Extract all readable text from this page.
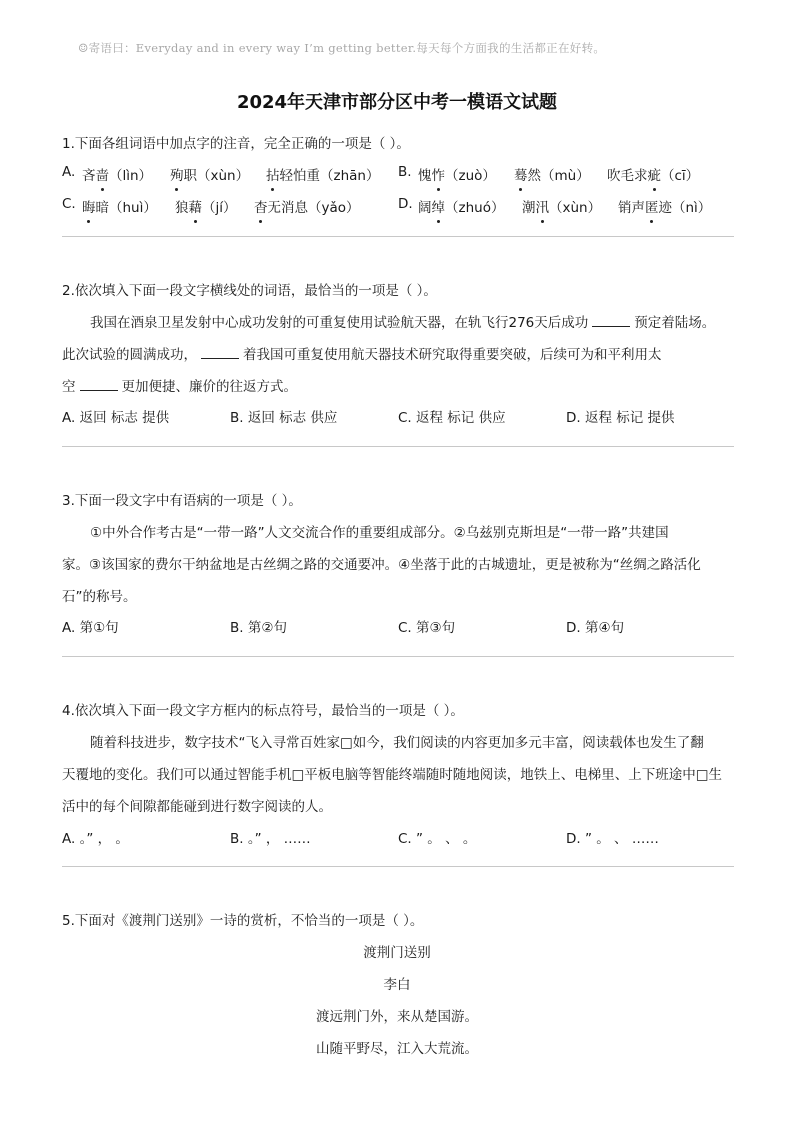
☺寄语曰：Everyday and in every way I’m getting better.每天每个方面我的生活都正在好转。
2024年天津市部分区中考一模语文试题
1.下面各组词语中加点字的注音，完全正确的一项是（ ）。
A. 吝啬（lìn） 殉职（xùn） 拈轻怕重（zhān） B. 愧怍（zuò） 蓦然（mù） 吹毛求疵（cī）
C. 晦暗（huì） 狼藉（jí） 杳无消息（yǎo）	D. 阔绰（zhuó） 潮汛（xùn） 销声匿迹（nì）
2.依次填入下面一段文字横线处的词语，最恰当的一项是（ ）。
我国在酒泉卫星发射中心成功发射的可重复使用试验航天器，在轨飞行276天后成功	预定着陆场。
此次试验的圆满成功，	着我国可重复使用航天器技术研究取得重要突破，后续可为和平利用太
空	更加便捷、廉价的往返方式。
A. 返回 标志 提供	B. 返回 标志 供应	C. 返程 标记 供应	D. 返程 标记 提供
3.下面一段文字中有语病的一项是（ ）。
①中外合作考古是“一带一路”人文交流合作的重要组成部分。②乌兹别克斯坦是“一带一路”共建国
家。③该国家的费尔干纳盆地是古丝绸之路的交通要冲。④坐落于此的古城遗址，更是被称为“丝绸之路活化
石”的称号。
A. 第①句	B. 第②句	C. 第③句	D. 第④句
4.依次填入下面一段文字方框内的标点符号，最恰当的一项是（ ）。
随着科技进步，数字技术“飞入寻常百姓家□如今，我们阅读的内容更加多元丰富，阅读载体也发生了翻
天覆地的变化。我们可以通过智能手机□平板电脑等智能终端随时随地阅读，地铁上、电梯里、上下班途中□生
活中的每个间隙都能碰到进行数字阅读的人。
A. 。” ， 。	B. 。” ， ……	C. ” 。 、 。	D. ” 。 、 ……
5.下面对《渡荆门送别》一诗的赏析，不恰当的一项是（ ）。
渡荆门送别
李白
渡远荆门外，来从楚国游。
山随平野尽，江入大荒流。
